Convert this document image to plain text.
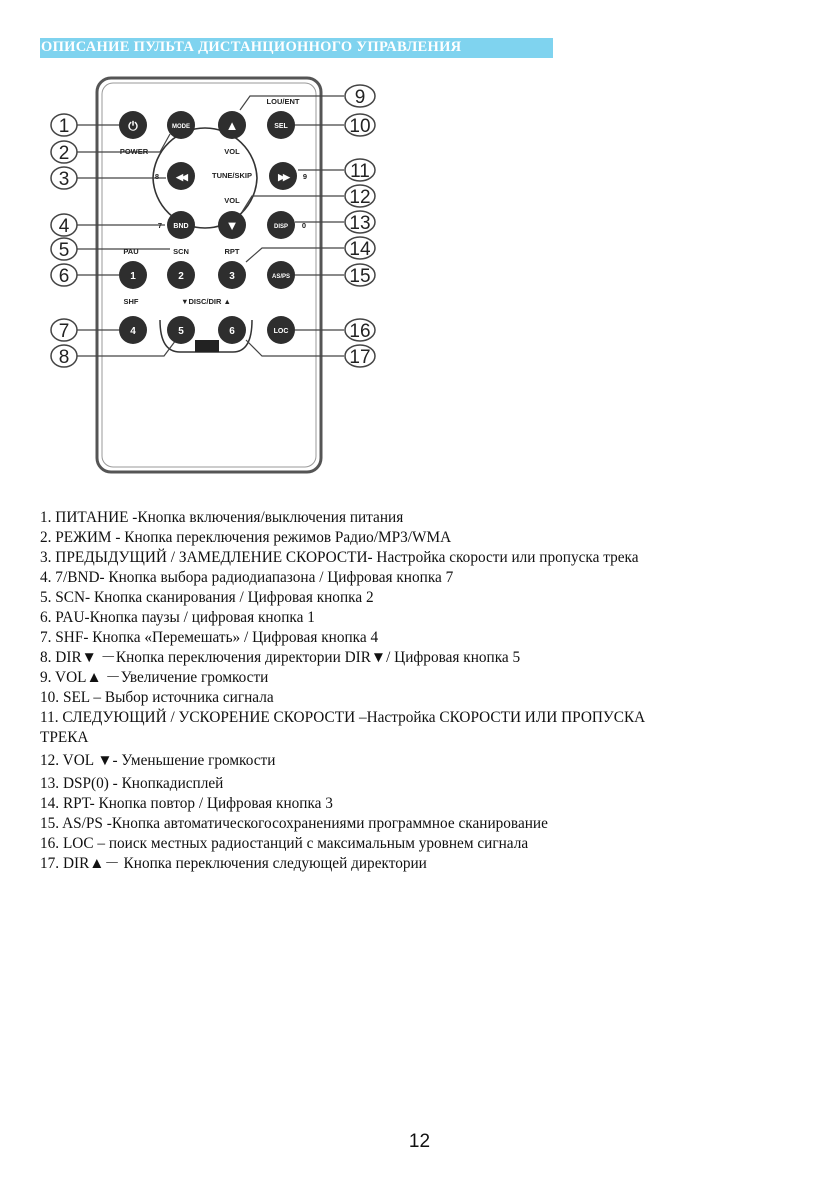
ОПИСАНИЕ ПУЛЬТА ДИСТАНЦИОННОГО УПРАВЛЕНИЯ
1
2
3
4
5
6
7
8
9
10
11
12
13
14
15
16
17
⏻	MODE	▲	SEL
◀◀	▶▶
▼
BND	DISP
1	2	3	AS/PS
4	5	6	LOC
POWER
LOU/ENT
VOL
TUNE/SKIP
VOL
8	9
7	0
PAU	SCN	RPT
SHF	▼DISC/DIR ▲
1. ПИТАНИЕ -Кнопка включения/выключения питания
2. РЕЖИМ - Кнопка переключения режимов Радио/MP3/WMA
3. ПРЕДЫДУЩИЙ / ЗАМЕДЛЕНИЕ СКОРОСТИ- Настройка скорости или пропуска трека
4. 7/BND- Кнопка выбора радиодиапазона / Цифровая кнопка 7
5. SCN- Кнопка сканирования / Цифровая кнопка 2
6. PAU-Кнопка паузы / цифровая кнопка 1
7. SHF- Кнопка «Перемешать» / Цифровая кнопка 4
8. DIR▼ －Кнопка переключения директории DIR▼/ Цифровая кнопка 5
9. VOL▲ －Увеличение громкости
10. SEL – Выбор источника сигнала
11. СЛЕДУЮЩИЙ / УСКОРЕНИЕ СКОРОСТИ –Настройка СКОРОСТИ ИЛИ ПРОПУСКА ТРЕКА
12. VOL ▼- Уменьшение громкости
13. DSP(0) - Кнопкадисплей
14. RPT- Кнопка повтор / Цифровая кнопка 3
15. AS/PS -Кнопка автоматическогосохранениями программное сканирование
16. LOC – поиск местных радиостанций с максимальным уровнем сигнала
17. DIR▲－ Кнопка переключения следующей директории
12
